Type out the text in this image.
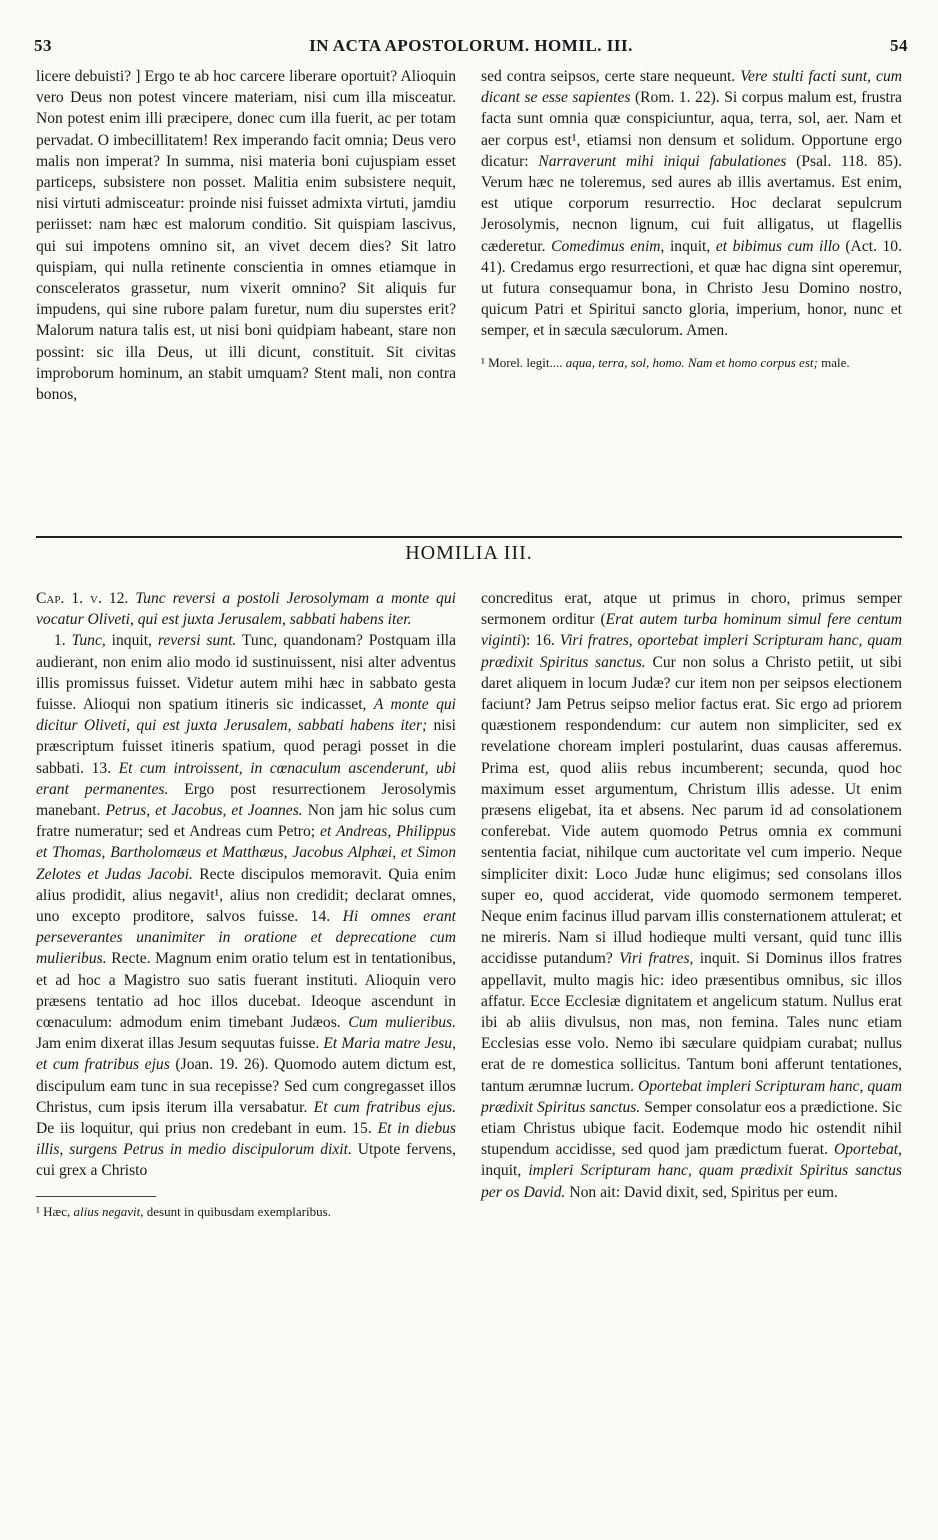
53	IN ACTA APOSTOLORUM. HOMIL. III.	54

licere debuisti? ] Ergo te ab hoc carcere liberare oportuit? Alioquin vero Deus non potest vincere materiam, nisi cum illa misceatur. Non potest enim illi præcipere, donec cum illa fuerit, ac per totam pervadat. O imbecillitatem! Rex imperando facit omnia; Deus vero malis non imperat? In summa, nisi materia boni cujuspiam esset particeps, subsistere non posset. Malitia enim subsistere nequit, nisi virtuti admisceatur: proinde nisi fuisset admixta virtuti, jamdiu periisset: nam hæc est malorum conditio. Sit quispiam lascivus, qui sui impotens omnino sit, an vivet decem dies? Sit latro quispiam, qui nulla retinente conscientia in omnes etiamque in consceleratos grassetur, num vixerit omnino? Sit aliquis fur impudens, qui sine rubore palam furetur, num diu superstes erit? Malorum natura talis est, ut nisi boni quidpiam habeant, stare non possint: sic illa Deus, ut illi dicunt, constituit. Sit civitas improborum hominum, an stabit umquam? Stent mali, non contra bonos,

sed contra seipsos, certe stare nequeunt. Vere stulti facti sunt, cum dicant se esse sapientes (Rom. 1. 22). Si corpus malum est, frustra facta sunt omnia quæ conspiciuntur, aqua, terra, sol, aer. Nam et aer corpus est¹, etiamsi non densum et solidum. Opportune ergo dicatur: Narraverunt mihi iniqui fabulationes (Psal. 118. 85). Verum hæc ne toleremus, sed aures ab illis avertamus. Est enim, est utique corporum resurrectio. Hoc declarat sepulcrum Jerosolymis, necnon lignum, cui fuit alligatus, ut flagellis cæderetur. Comedimus enim, inquit, et bibimus cum illo (Act. 10. 41). Credamus ergo resurrectioni, et quæ hac digna sint operemur, ut futura consequamur bona, in Christo Jesu Domino nostro, quicum Patri et Spiritui sancto gloria, imperium, honor, nunc et semper, et in sæcula sæculorum. Amen.

¹ Morel. legit.... aqua, terra, sol, homo. Nam et homo corpus est; male.

HOMILIA III.

Cap. 1. v. 12. Tunc reversi a postoli Jerosolymam a monte qui vocatur Oliveti, qui est juxta Jerusalem, sabbati habens iter.

1. Tunc, inquit, reversi sunt. Tunc, quandonam? Postquam illa audierant, non enim alio modo id sustinuissent, nisi alter adventus illis promissus fuisset. Videtur autem mihi hæc in sabbato gesta fuisse. Alioqui non spatium itineris sic indicasset, A monte qui dicitur Oliveti, qui est juxta Jerusalem, sabbati habens iter; nisi præscriptum fuisset itineris spatium, quod peragi posset in die sabbati. 13. Et cum introissent, in cœnaculum ascenderunt, ubi erant permanentes. Ergo post resurrectionem Jerosolymis manebant. Petrus, et Jacobus, et Joannes. Non jam hic solus cum fratre numeratur; sed et Andreas cum Petro; et Andreas, Philippus et Thomas, Bartholomæus et Matthæus, Jacobus Alphæi, et Simon Zelotes et Judas Jacobi. Recte discipulos memoravit. Quia enim alius prodidit, alius negavit¹, alius non credidit; declarat omnes, uno excepto proditore, salvos fuisse. 14. Hi omnes erant perseverantes unanimiter in oratione et deprecatione cum mulieribus. Recte. Magnum enim oratio telum est in tentationibus, et ad hoc a Magistro suo satis fuerant instituti. Alioquin vero præsens tentatio ad hoc illos ducebat. Ideoque ascendunt in cœnaculum: admodum enim timebant Judæos. Cum mulieribus. Jam enim dixerat illas Jesum sequutas fuisse. Et Maria matre Jesu, et cum fratribus ejus (Joan. 19. 26). Quomodo autem dictum est, discipulum eam tunc in sua recepisse? Sed cum congregasset illos Christus, cum ipsis iterum illa versabatur. Et cum fratribus ejus. De iis loquitur, qui prius non credebant in eum. 15. Et in diebus illis, surgens Petrus in medio discipulorum dixit. Utpote fervens, cui grex a Christo

¹ Hæc, alius negavit, desunt in quibusdam exemplaribus.

concreditus erat, atque ut primus in choro, primus semper sermonem orditur (Erat autem turba hominum simul fere centum viginti): 16. Viri fratres, oportebat impleri Scripturam hanc, quam prædixit Spiritus sanctus. Cur non solus a Christo petiit, ut sibi daret aliquem in locum Judæ? cur item non per seipsos electionem faciunt? Jam Petrus seipso melior factus erat. Sic ergo ad priorem quæstionem respondendum: cur autem non simpliciter, sed ex revelatione choream impleri postularint, duas causas afferemus. Prima est, quod aliis rebus incumberent; secunda, quod hoc maximum esset argumentum, Christum illis adesse. Ut enim præsens eligebat, ita et absens. Nec parum id ad consolationem conferebat. Vide autem quomodo Petrus omnia ex communi sententia faciat, nihilque cum auctoritate vel cum imperio. Neque simpliciter dixit: Loco Judæ hunc eligimus; sed consolans illos super eo, quod acciderat, vide quomodo sermonem temperet. Neque enim facinus illud parvam illis consternationem attulerat; et ne mireris. Nam si illud hodieque multi versant, quid tunc illis accidisse putandum? Viri fratres, inquit. Si Dominus illos fratres appellavit, multo magis hic: ideo præsentibus omnibus, sic illos affatur. Ecce Ecclesiæ dignitatem et angelicum statum. Nullus erat ibi ab aliis divulsus, non mas, non femina. Tales nunc etiam Ecclesias esse volo. Nemo ibi sæculare quidpiam curabat; nullus erat de re domestica sollicitus. Tantum boni afferunt tentationes, tantum ærumnæ lucrum. Oportebat impleri Scripturam hanc, quam prædixit Spiritus sanctus. Semper consolatur eos a prædictione. Sic etiam Christus ubique facit. Eodemque modo hic ostendit nihil stupendum accidisse, sed quod jam prædictum fuerat. Oportebat, inquit, impleri Scripturam hanc, quam prædixit Spiritus sanctus per os David. Non ait: David dixit, sed, Spiritus per eum.
